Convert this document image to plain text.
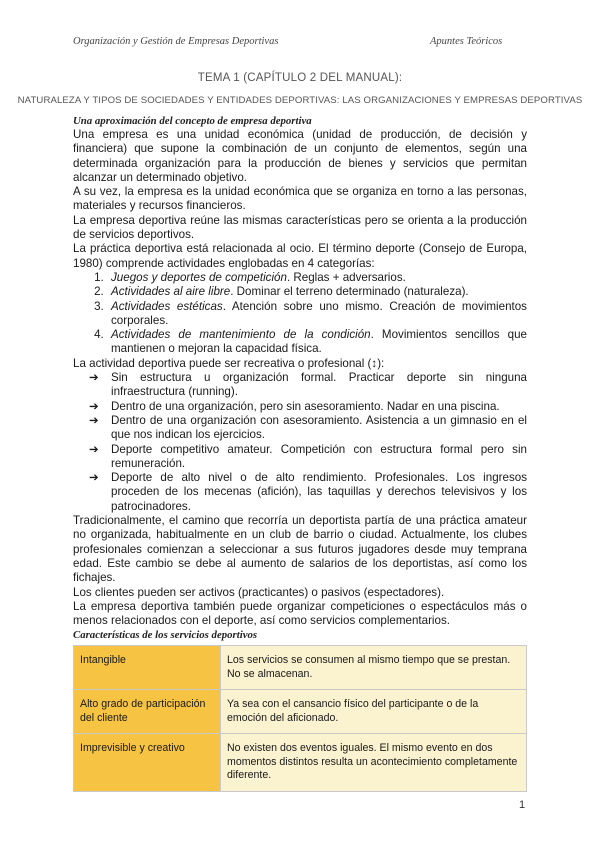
Organización y Gestión de Empresas Deportivas	Apuntes Teóricos
TEMA 1 (CAPÍTULO 2 DEL MANUAL):
NATURALEZA Y TIPOS DE SOCIEDADES Y ENTIDADES DEPORTIVAS: LAS ORGANIZACIONES Y EMPRESAS DEPORTIVAS
Una aproximación del concepto de empresa deportiva

Una empresa es una unidad económica (unidad de producción, de decisión y financiera) que supone la combinación de un conjunto de elementos, según una determinada organización para la producción de bienes y servicios que permitan alcanzar un determinado objetivo.

A su vez, la empresa es la unidad económica que se organiza en torno a las personas, materiales y recursos financieros.

La empresa deportiva reúne las mismas características pero se orienta a la producción de servicios deportivos.

La práctica deportiva está relacionada al ocio. El término deporte (Consejo de Europa, 1980) comprende actividades englobadas en 4 categorías:

1. Juegos y deportes de competición. Reglas + adversarios.
2. Actividades al aire libre. Dominar el terreno determinado (naturaleza).
3. Actividades estéticas. Atención sobre uno mismo. Creación de movimientos corporales.
4. Actividades de mantenimiento de la condición. Movimientos sencillos que mantienen o mejoran la capacidad física.

La actividad deportiva puede ser recreativa o profesional (↕):

➔ Sin estructura u organización formal. Practicar deporte sin ninguna infraestructura (running).
➔ Dentro de una organización, pero sin asesoramiento. Nadar en una piscina.
➔ Dentro de una organización con asesoramiento. Asistencia a un gimnasio en el que nos indican los ejercicios.
➔ Deporte competitivo amateur. Competición con estructura formal pero sin remuneración.
➔ Deporte de alto nivel o de alto rendimiento. Profesionales. Los ingresos proceden de los mecenas (afición), las taquillas y derechos televisivos y los patrocinadores.

Tradicionalmente, el camino que recorría un deportista partía de una práctica amateur no organizada, habitualmente en un club de barrio o ciudad. Actualmente, los clubes profesionales comienzan a seleccionar a sus futuros jugadores desde muy temprana edad. Este cambio se debe al aumento de salarios de los deportistas, así como los fichajes.

Los clientes pueden ser activos (practicantes) o pasivos (espectadores).

La empresa deportiva también puede organizar competiciones o espectáculos más o menos relacionados con el deporte, así como servicios complementarios.

Características de los servicios deportivos
Intangible	Los servicios se consumen al mismo tiempo que se prestan. No se almacenan.
Alto grado de participación del cliente	Ya sea con el cansancio físico del participante o de la emoción del aficionado.
Imprevisible y creativo	No existen dos eventos iguales. El mismo evento en dos momentos distintos resulta un acontecimiento completamente diferente.
1
